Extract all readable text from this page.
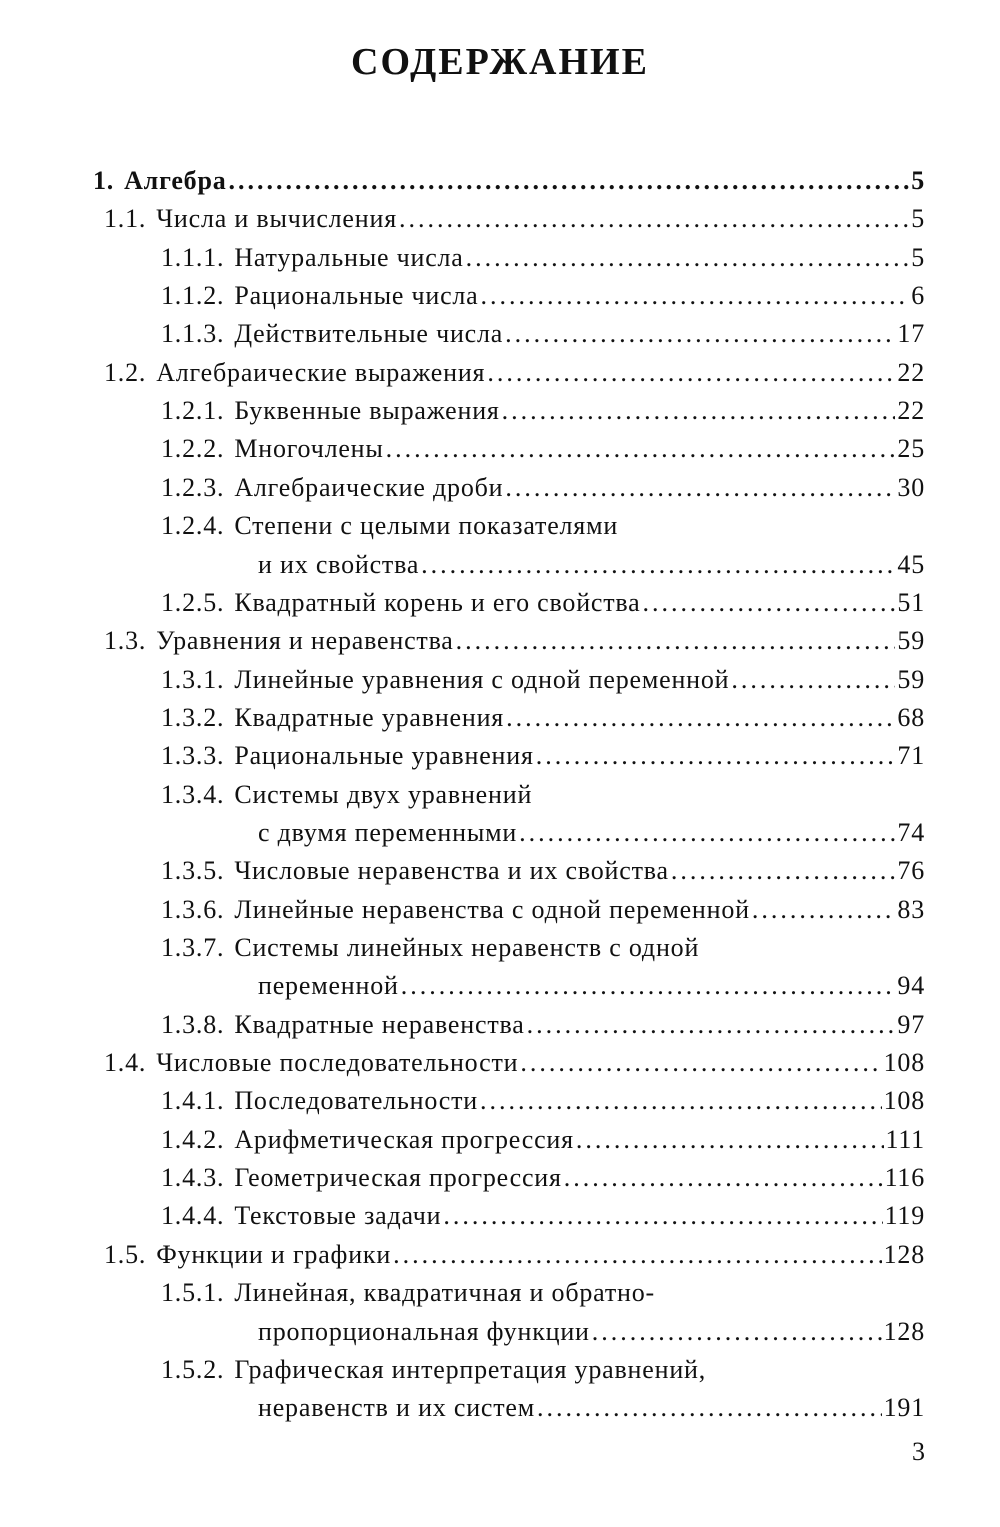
СОДЕРЖАНИЕ
1. Алгебра .....	5
1.1. Числа и вычисления .....	5
1.1.1. Натуральные числа .....	5
1.1.2. Рациональные числа .....	6
1.1.3. Действительные числа .....	17
1.2. Алгебраические выражения .....	22
1.2.1. Буквенные выражения .....	22
1.2.2. Многочлены .....	25
1.2.3. Алгебраические дроби .....	30
1.2.4. Степени с целыми показателями
и их свойства .....	45
1.2.5. Квадратный корень и его свойства .....	51
1.3. Уравнения и неравенства .....	59
1.3.1. Линейные уравнения с одной переменной .....	59
1.3.2. Квадратные уравнения .....	68
1.3.3. Рациональные уравнения .....	71
1.3.4. Системы двух уравнений
с двумя переменными .....	74
1.3.5. Числовые неравенства и их свойства .....	76
1.3.6. Линейные неравенства с одной переменной .....	83
1.3.7. Системы линейных неравенств с одной
переменной .....	94
1.3.8. Квадратные неравенства .....	97
1.4. Числовые последовательности .....	108
1.4.1. Последовательности .....	108
1.4.2. Арифметическая прогрессия .....	111
1.4.3. Геометрическая прогрессия .....	116
1.4.4. Текстовые задачи .....	119
1.5. Функции и графики .....	128
1.5.1. Линейная, квадратичная и обратно-
пропорциональная функции .....	128
1.5.2. Графическая интерпретация уравнений,
неравенств и их систем .....	191
3
